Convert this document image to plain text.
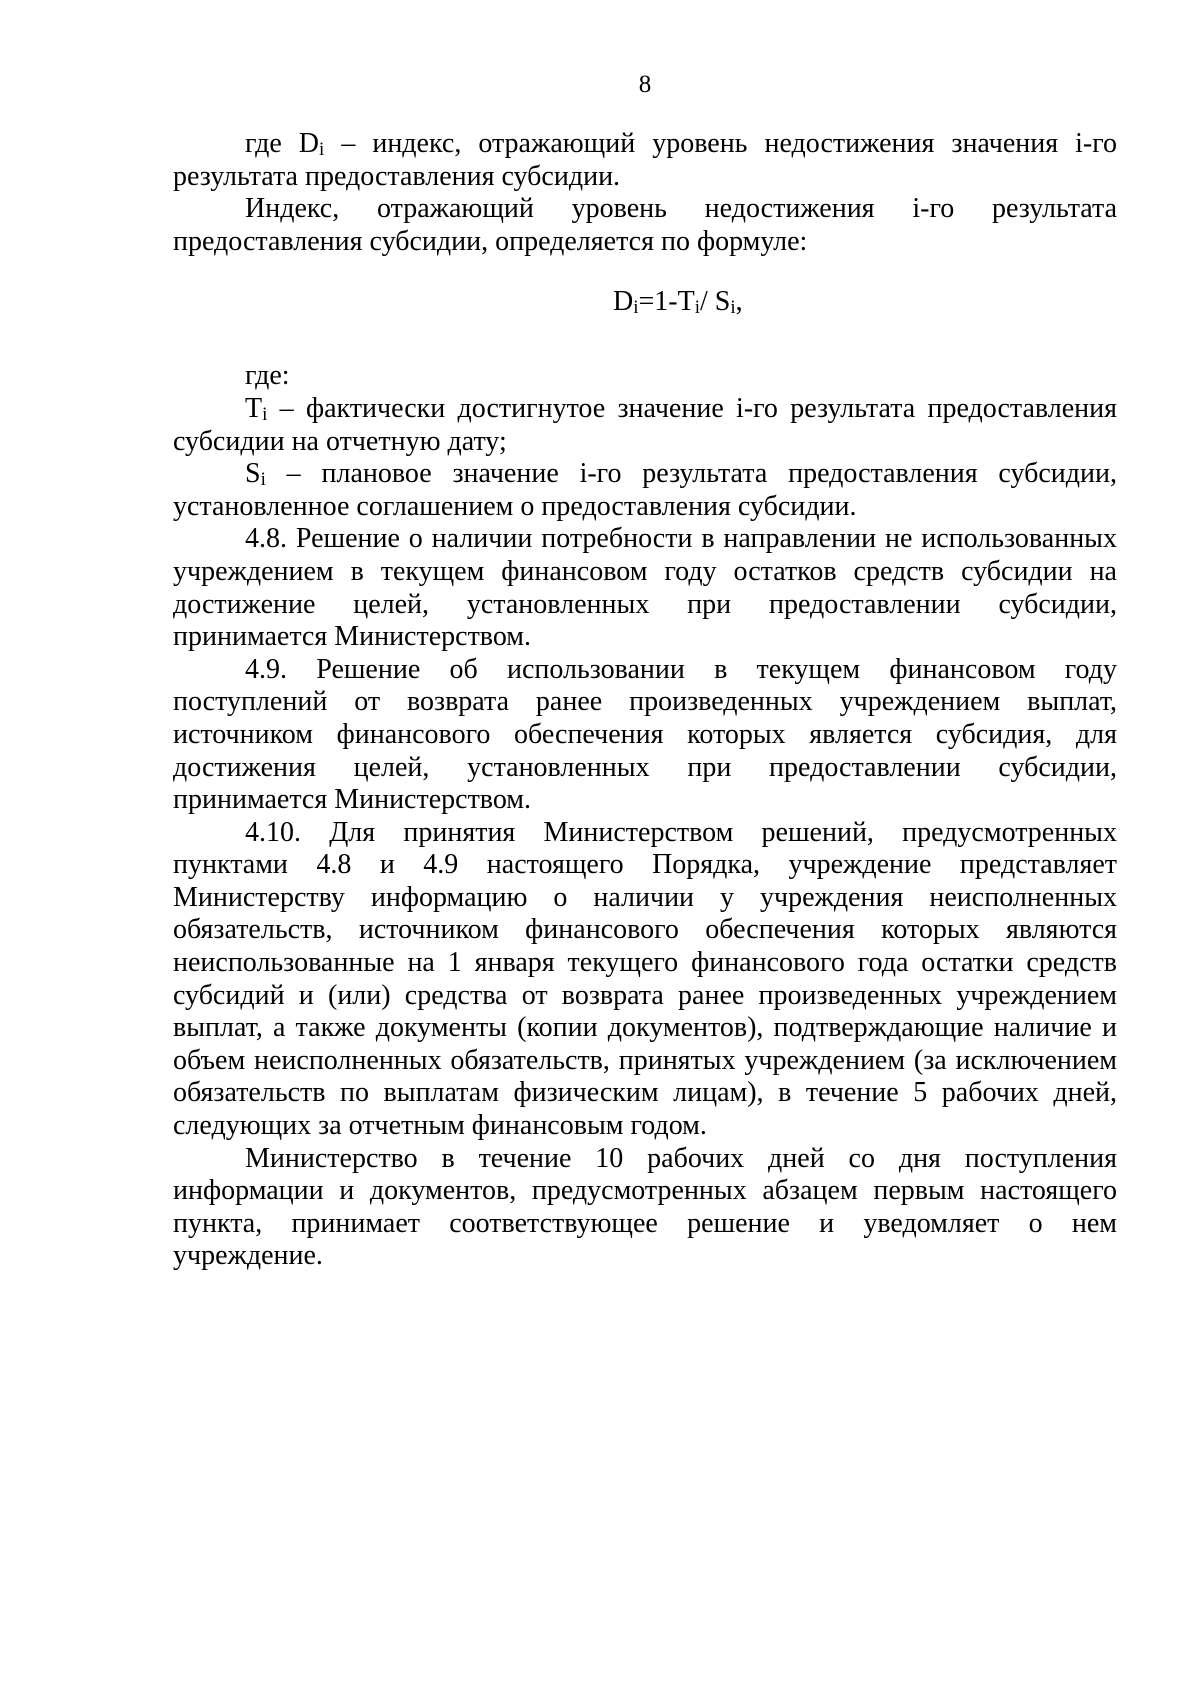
8

где $D_i$ – индекс, отражающий уровень недостижения значения i-го результата предоставления субсидии.

Индекс, отражающий уровень недостижения i-го результата предоставления субсидии, определяется по формуле:

$D_i=1-T_i/$ $S_i$,

где:

$T_i$ – фактически достигнутое значение i-го результата предоставления субсидии на отчетную дату;

$S_i$ – плановое значение i-го результата предоставления субсидии, установленное соглашением о предоставления субсидии.

4.8. Решение о наличии потребности в направлении не использованных учреждением в текущем финансовом году остатков средств субсидии на достижение целей, установленных при предоставлении субсидии, принимается Министерством.

4.9. Решение об использовании в текущем финансовом году поступлений от возврата ранее произведенных учреждением выплат, источником финансового обеспечения которых является субсидия, для достижения целей, установленных при предоставлении субсидии, принимается Министерством.

4.10. Для принятия Министерством решений, предусмотренных пунктами 4.8 и 4.9 настоящего Порядка, учреждение представляет Министерству информацию о наличии у учреждения неисполненных обязательств, источником финансового обеспечения которых являются неиспользованные на 1 января текущего финансового года остатки средств субсидий и (или) средства от возврата ранее произведенных учреждением выплат, а также документы (копии документов), подтверждающие наличие и объем неисполненных обязательств, принятых учреждением (за исключением обязательств по выплатам физическим лицам), в течение 5 рабочих дней, следующих за отчетным финансовым годом.

Министерство в течение 10 рабочих дней со дня поступления информации и документов, предусмотренных абзацем первым настоящего пункта, принимает соответствующее решение и уведомляет о нем учреждение.
